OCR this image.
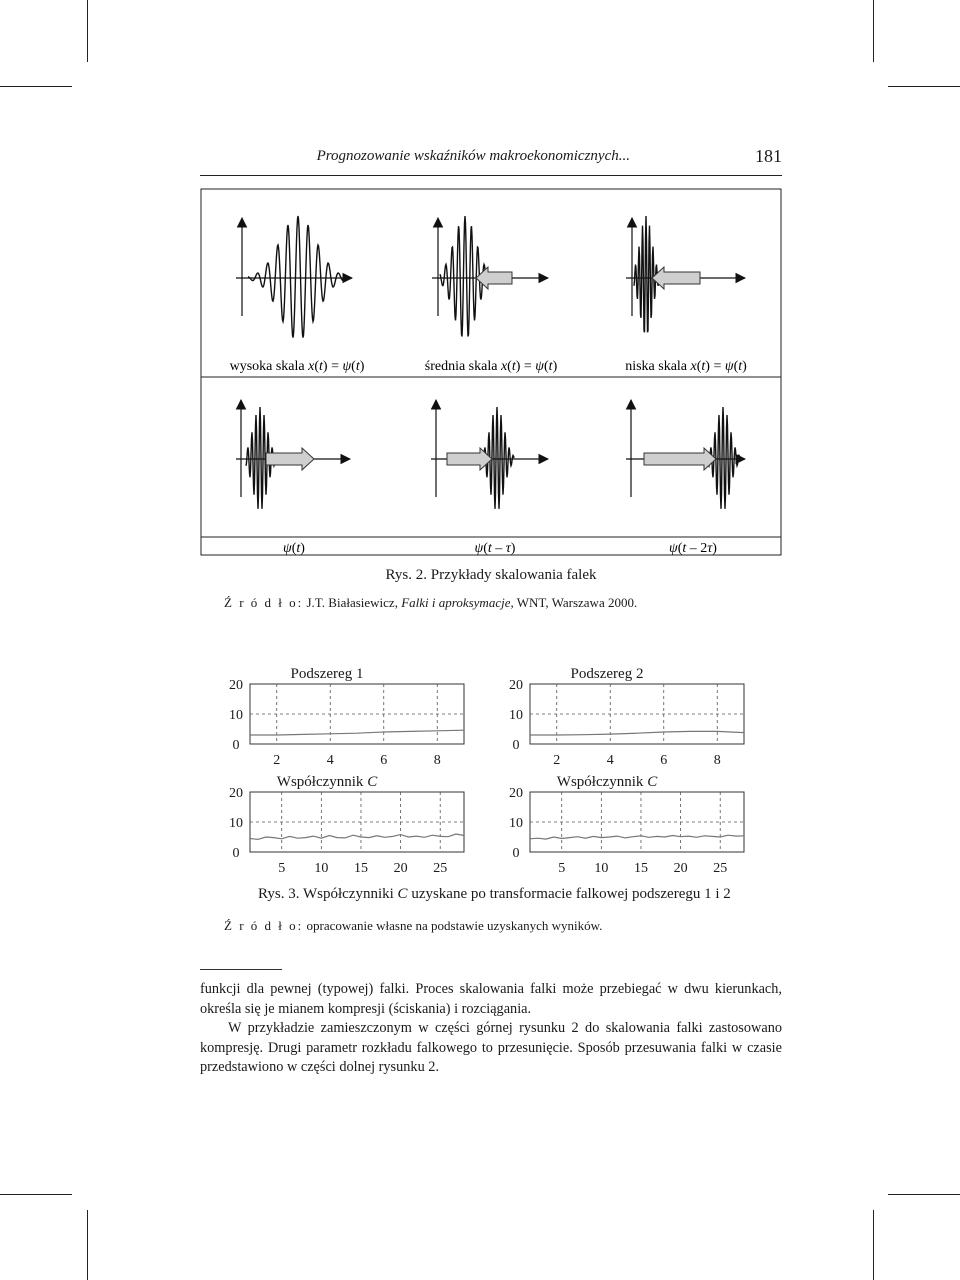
Prognozowanie wskaźników makroekonomicznych...	181
wysoka skala x(t) = ψ(t)	średnia skala x(t) = ψ(t)	niska skala x(t) = ψ(t)
ψ(t)	ψ(t – τ)	ψ(t – 2τ)
Rys. 2. Przykłady skalowania falek
Ź r ó d ł o: J.T. Białasiewicz, Falki i aproksymacje, WNT, Warszawa 2000.
Podszereg 1
2	4	6	8
0
10
20
Podszereg 2
2	4	6	8
0
10
20
Współczynnik C
5 10 15 20 25
0
10
20
Współczynnik C
5 10 15 20 25
0
10
20
Rys. 3. Współczynniki C uzyskane po transformacie falkowej podszeregu 1 i 2
Ź r ó d ł o: opracowanie własne na podstawie uzyskanych wyników.

funkcji dla pewnej (typowej) falki. Proces skalowania falki może przebiegać w dwu kierunkach, określa się je mianem kompresji (ściskania) i rozciągania.

W przykładzie zamieszczonym w części górnej rysunku 2 do skalowania falki zastosowano kompresję. Drugi parametr rozkładu falkowego to przesunięcie. Sposób przesuwania falki w czasie przedstawiono w części dolnej rysunku 2.
